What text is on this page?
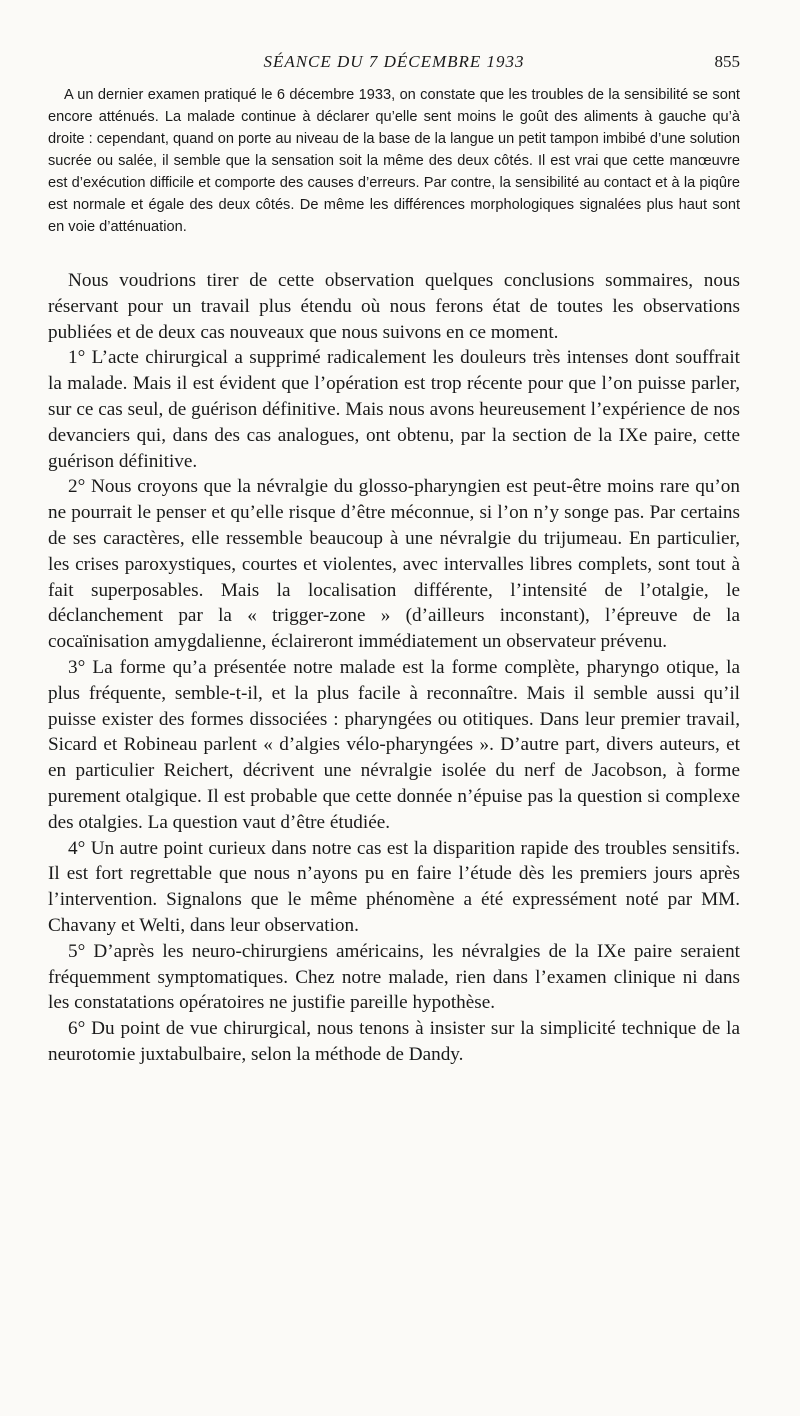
SÉANCE DU 7 DÉCEMBRE 1933	855

A un dernier examen pratiqué le 6 décembre 1933, on constate que les troubles de la sensibilité se sont encore atténués. La malade continue à déclarer qu’elle sent moins le goût des aliments à gauche qu’à droite : cependant, quand on porte au niveau de la base de la langue un petit tampon imbibé d’une solution sucrée ou salée, il semble que la sensation soit la même des deux côtés. Il est vrai que cette manœuvre est d’exécution difficile et comporte des causes d’erreurs. Par contre, la sensibilité au contact et à la piqûre est normale et égale des deux côtés. De même les différences morphologiques signalées plus haut sont en voie d’atténuation.

Nous voudrions tirer de cette observation quelques conclusions sommaires, nous réservant pour un travail plus étendu où nous ferons état de toutes les observations publiées et de deux cas nouveaux que nous suivons en ce moment.

1° L’acte chirurgical a supprimé radicalement les douleurs très intenses dont souffrait la malade. Mais il est évident que l’opération est trop récente pour que l’on puisse parler, sur ce cas seul, de guérison définitive. Mais nous avons heureusement l’expérience de nos devanciers qui, dans des cas analogues, ont obtenu, par la section de la IXe paire, cette guérison définitive.

2° Nous croyons que la névralgie du glosso-pharyngien est peut-être moins rare qu’on ne pourrait le penser et qu’elle risque d’être méconnue, si l’on n’y songe pas. Par certains de ses caractères, elle ressemble beaucoup à une névralgie du trijumeau. En particulier, les crises paroxystiques, courtes et violentes, avec intervalles libres complets, sont tout à fait superposables. Mais la localisation différente, l’intensité de l’otalgie, le déclanchement par la « trigger-zone » (d’ailleurs inconstant), l’épreuve de la cocaïnisation amygdalienne, éclaireront immédiatement un observateur prévenu.

3° La forme qu’a présentée notre malade est la forme complète, pharyngo otique, la plus fréquente, semble-t-il, et la plus facile à reconnaître. Mais il semble aussi qu’il puisse exister des formes dissociées : pharyngées ou otitiques. Dans leur premier travail, Sicard et Robineau parlent « d’algies vélo-pharyngées ». D’autre part, divers auteurs, et en particulier Reichert, décrivent une névralgie isolée du nerf de Jacobson, à forme purement otalgique. Il est probable que cette donnée n’épuise pas la question si complexe des otalgies. La question vaut d’être étudiée.

4° Un autre point curieux dans notre cas est la disparition rapide des troubles sensitifs. Il est fort regrettable que nous n’ayons pu en faire l’étude dès les premiers jours après l’intervention. Signalons que le même phénomène a été expressément noté par MM. Chavany et Welti, dans leur observation.

5° D’après les neuro-chirurgiens américains, les névralgies de la IXe paire seraient fréquemment symptomatiques. Chez notre malade, rien dans l’examen clinique ni dans les constatations opératoires ne justifie pareille hypothèse.

6° Du point de vue chirurgical, nous tenons à insister sur la simplicité technique de la neurotomie juxtabulbaire, selon la méthode de Dandy.
